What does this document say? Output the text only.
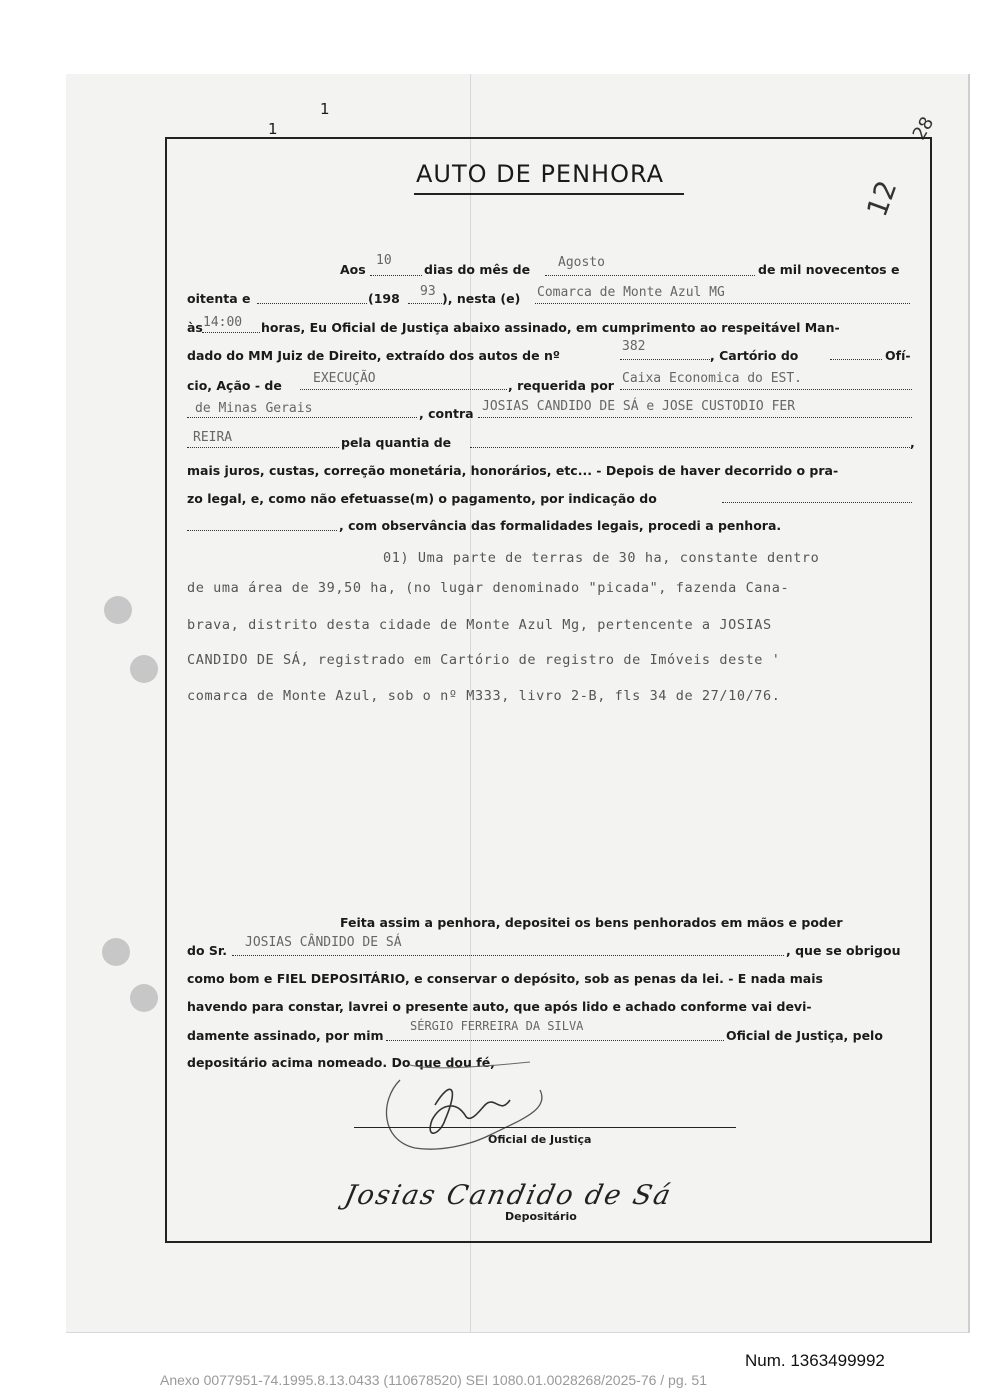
1
1
12
28
AUTO DE PENHORA
Aos
10
dias do mês de Agosto	de mil novecentos e
oitenta e	(198 93 ), nesta (e) Comarca de Monte Azul MG
às 14:00 horas, Eu Oficial de Justiça abaixo assinado, em cumprimento ao respeitável Man-
dado do MM Juiz de Direito, extraído dos autos de nº
382
, Cartório do	Ofí-
cio, Ação - de EXECUÇÃO	, requerida por Caixa Economica do EST.
de Minas Gerais	, contra JOSIAS CANDIDO DE SÁ e JOSE CUSTODIO FER
REIRA	pela quantia de	,
mais juros, custas, correção monetária, honorários, etc... - Depois de haver decorrido o pra-
zo legal, e, como não efetuasse(m) o pagamento, por indicação do
, com observância das formalidades legais, procedi a penhora.
01) Uma parte de terras de 30 ha, constante dentro
de uma área de 39,50 ha, (no lugar denominado "picada", fazenda Cana-
brava, distrito desta cidade de Monte Azul Mg, pertencente a JOSIAS
CANDIDO DE SÁ, registrado em Cartório de registro de Imóveis deste '
comarca de Monte Azul, sob o nº M333, livro 2-B, fls 34 de 27/10/76.
Feita assim a penhora, depositei os bens penhorados em mãos e poder
do Sr.
JOSIAS CÂNDIDO DE SÁ
, que se obrigou
como bom e FIEL DEPOSITÁRIO, e conservar o depósito, sob as penas da lei. - E nada mais
havendo para constar, lavrei o presente auto, que após lido e achado conforme vai devi-
damente assinado, por mim
SÉRGIO FERREIRA DA SILVA
Oficial de Justiça, pelo
depositário acima nomeado. Do que dou fé,
Oficial de Justiça
Josias Candido de Sá
Depositário
Num. 1363499992
Anexo 0077951-74.1995.8.13.0433 (110678520) SEI 1080.01.0028268/2025-76 / pg. 51
